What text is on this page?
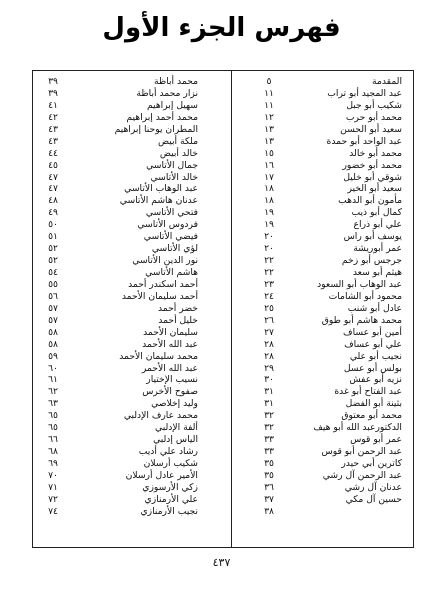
فهرس الجزء الأول
المقدمة
٥
عبد المجيد أبو تراب
١١
شكيب أبو جبل
١١
محمد أبو حرب
١٢
سعيد أبو الحسن
١٣
عبد الواحد أبو حمدة
١٣
محمد أبو خالد
١٥
محمد أبو خضور
١٦
شوقي أبو خليل
١٧
سعيد أبو الخير
١٨
مأمون أبو الدهب
١٨
كمال أبو ذيب
١٩
علي أبو ذراع
١٩
يوسف أبو راس
٢٠
عمر أبوريشة
٢٠
جرجس أبو زخم
٢٢
هيثم أبو سعد
٢٢
عبد الوهاب أبو السعود
٢٣
محمود أبو الشامات
٢٤
عادل أبو شنب
٢٥
محمد هاشم أبو طوق
٢٦
أمين أبو عساف
٢٧
علي أبو عساف
٢٨
نجيب أبو علي
٢٨
بولس أبو عسل
٢٩
نزيه أبو عفش
٣٠
عبد الفتاح أبو غدة
٣١
بثينة أبو الفضل
٣١
محمد أبو معتوق
٣٢
الدكتورعبد الله أبو هيف
٣٢
عمر أبو قوس
٣٣
عبد الرحمن أبو قوس
٣٣
كاترين أبي حيدر
٣٥
عبد الرحمن آل رشي
٣٥
عدنان آل رشي
٣٦
حسين آل مكي
٣٧
٣٨
محمد أباظة
٣٩
نزار محمد أباظة
٣٩
سهيل إبراهيم
٤١
محمد أحمد إبراهيم
٤٢
المطران يوحنا إبراهيم
٤٣
ملكة أبيض
٤٣
خالد أبيض
٤٤
جمال الأتاسي
٤٥
خالد الأتاسي
٤٧
عبد الوهاب الأتاسي
٤٧
عدنان هاشم الأتاسي
٤٨
فتحي الأتاسي
٤٩
فردوس الأتاسي
٥٠
فيضي الأتاسي
٥١
لؤي الأتاسي
٥٢
نور الدين الأتاسي
٥٢
هاشم الأتاسي
٥٤
أحمد اسكندر أحمد
٥٥
أحمد سليمان الأحمد
٥٦
خضر أحمد
٥٧
خليل أحمد
٥٧
سليمان الأحمد
٥٨
عبد الله الأحمد
٥٨
محمد سليمان الأحمد
٥٩
عبد الله الأحمر
٦٠
نسيب الإختيار
٦١
صفوح الأخرس
٦٢
وليد إخلاصي
٦٣
محمد عارف الإدلبي
٦٥
ألفة الإدلبي
٦٥
الياس إدلبي
٦٦
رشاد علي أديب
٦٨
شكيب أرسلان
٦٩
الأمير عادل أرسلان
٧٠
زكي الأرسوزي
٧١
علي الأرمنازي
٧٢
نجيب الأرمنازي
٧٤
٤٣٧
